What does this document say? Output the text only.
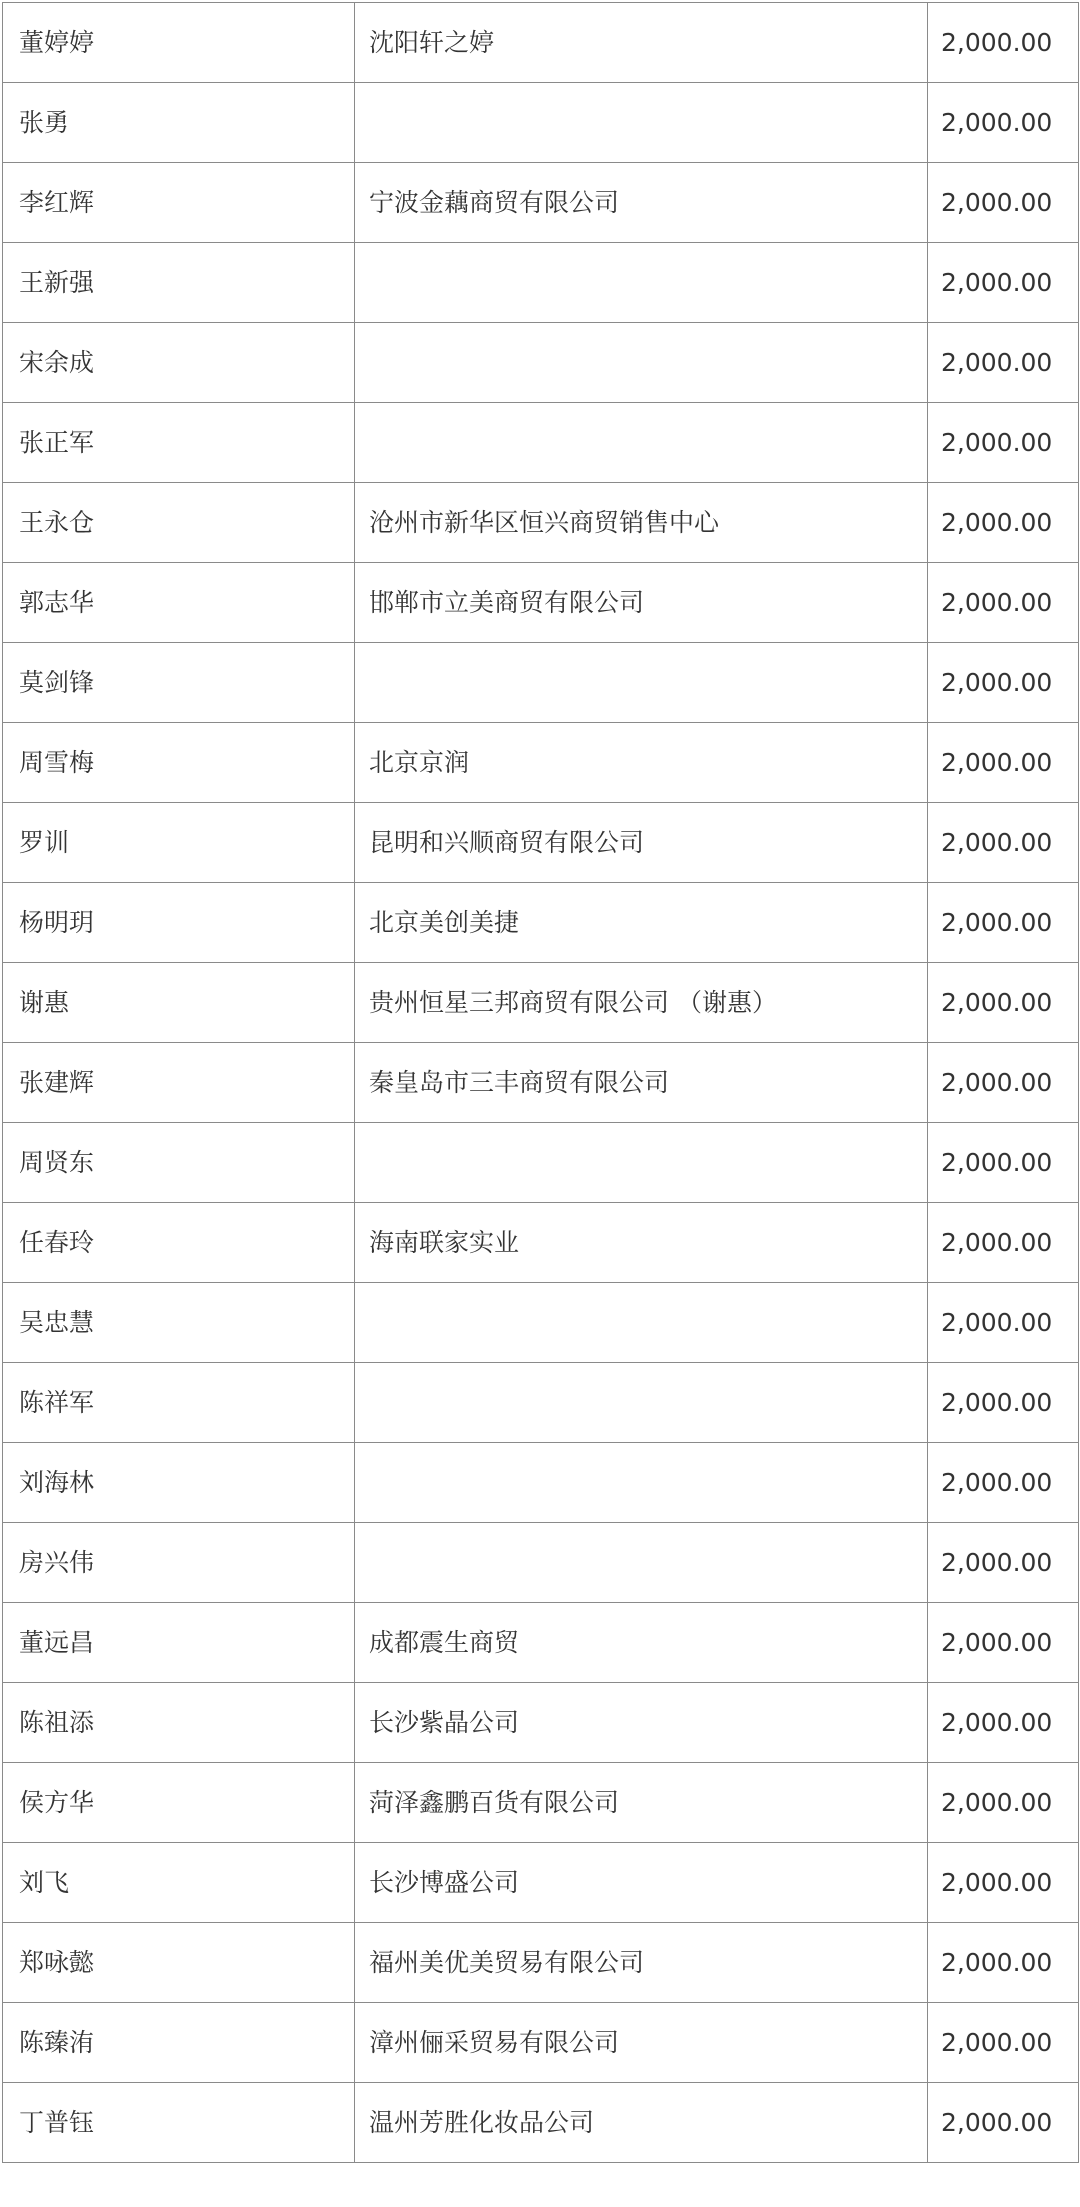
董婷婷	沈阳轩之婷	2,000.00
张勇		2,000.00
李红辉	宁波金藕商贸有限公司	2,000.00
王新强		2,000.00
宋余成		2,000.00
张正军		2,000.00
王永仓	沧州市新华区恒兴商贸销售中心	2,000.00
郭志华	邯郸市立美商贸有限公司	2,000.00
莫剑锋		2,000.00
周雪梅	北京京润	2,000.00
罗训	昆明和兴顺商贸有限公司	2,000.00
杨明玥	北京美创美捷	2,000.00
谢惠	贵州恒星三邦商贸有限公司 （谢惠）	2,000.00
张建辉	秦皇岛市三丰商贸有限公司	2,000.00
周贤东		2,000.00
任春玲	海南联家实业	2,000.00
吴忠慧		2,000.00
陈祥军		2,000.00
刘海林		2,000.00
房兴伟		2,000.00
董远昌	成都震生商贸	2,000.00
陈祖添	长沙紫晶公司	2,000.00
侯方华	菏泽鑫鹏百货有限公司	2,000.00
刘飞	长沙博盛公司	2,000.00
郑咏懿	福州美优美贸易有限公司	2,000.00
陈臻洧	漳州俪采贸易有限公司	2,000.00
丁普钰	温州芳胜化妆品公司	2,000.00
